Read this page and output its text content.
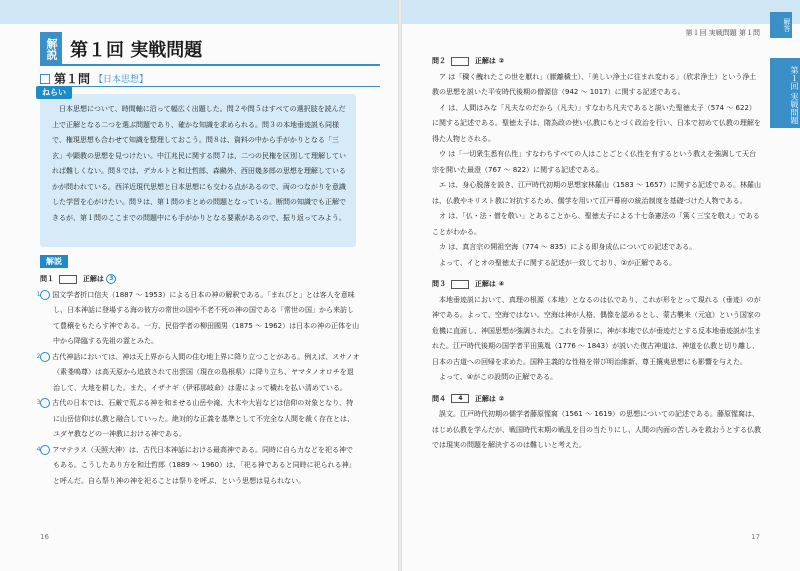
解説 第１回 実戦問題
第１問 【日本思想】

日本思想について、時間軸に沿って幅広く出題した。問２や問５はすべての選択肢を読んだ上で正解となる二つを選ぶ問題であり、確かな知識を求められる。問３の本地垂迹説も同様で、権現思想も合わせて知識を整理しておこう。問８は、資料の中から手がかりとなる「三玄」や顕教の思想を見つけたい。中江兆民に関する問７は、二つの民権を区別して理解していれば難しくない。問８では、デカルトと和辻哲郎、森鷗外、西田幾多郎の思想を理解しているかが問われている。西洋近現代思想と日本思想にも交わる点があるので、両のつながりを意識した学習を心がけたい。問９は、第１問のまとめの問題となっている。断問の知識でも正解できるが、第１問のここまでの問題中にも手がかりとなる要素があるので、振り返ってみよう。

ねらい
解説
問１	正解は 3
1 国文学者折口信夫（1887 ～ 1953）による日本の神の解釈である。「まれびと」とは客人を意味し、日本神話に登場する海の彼方の常世の国や不老不死の神の国である「常世の国」から来訪して豊穣をもたらす神である。一方、民俗学者の柳田國男（1875 ～ 1962）は日本の神の正体を山中から降臨する先祖の霊とみた。
2 古代神話においては、神は天上界から人間の住む地上界に降り立つことがある。例えば、スサノオ（素戔嗚尊）は高天原から追放されて出雲国（現在の島根県）に降り立ち、ヤマタノオロチを退治して、大地を耕した。また、イザナギ（伊邪那岐命）は妻によって穢れを払い清めている。
3 古代の日本では、石厳で荒ぶる神を和ませる山岳や滝、大木や大岩などは信仰の対象となり、特に山岳信仰は仏教と融合していった。絶対的な正義を基準として不完全な人間を裁く存在とは、ユダヤ教などの一神教における神である。
4 アマテラス（天照大神）は、古代日本神話における最高神である。同時に自ら力などを祀る神でもある。こうしたあり方を和辻哲郎（1889 ～ 1960）は、「祀る神であると同時に祀られる神」と呼んだ。自ら祭り神の神を祀ることは祭りを呼ぶ、という思想は見られない。
16
第１回 実戦問題 第１問
解答
第１回 実戦問題
問２	正解は ②
ア は「穢く醜れたこの世を厭れ」（厭離穢土）、「美しい浄土に往まれ変わる」（欣求浄土）という浄土教の思想を説いた平安時代後期の僧源信（942 ～ 1017）に関する記述である。
イ は、人間はみな「凡夫なのだから（凡夫）」すなわち凡夫であると説いた聖徳太子（574 ～ 622）に関する記述である。聖徳太子は、隋為政の使い仏教にもとづく政治を行い、日本で初めて仏教の理解を得た人物とされる。
ウ は「一切衆生悉有仏性」すなわちすべての人はことごとく仏性を有するという教えを強調して天台宗を開いた最澄（767 ～ 822）に関する記述である。
エ は、身心脱落を説き、江戸時代初期の思想家林羅山（1583 ～ 1657）に関する記述である。林羅山は、仏教やキリスト教に対抗するため、儒学を用いて江戸幕府の統治制度を基礎づけた人物である。
オ は、「仏・法・僧を敬い」とあることから、聖徳太子による十七条憲法の「篤く三宝を敬え」であることがわかる。
カ は、真言宗の開祖空海（774 ～ 835）による即身成仏についての記述である。
よって、イとオの聖徳太子に関する記述が一致しており、②が正解である。
問３	正解は ④
本地垂迹説において、真理の根源（本地）となるのは仏であり、これが形をとって現れる（垂迹）のが神である。よって、空海ではない。空海は神が人格、偶像を認めるとし、蒙古襲来（元寇）という国家の危機に直面し、神国思想が強調された。これを背景に、神が本地で仏が垂迹だとする反本地垂迹説が生まれた。江戸時代後期の国学者平田篤胤（1776 ～ 1843）が説いた復古神道は、神道を仏教と切り離し、日本の古道への回帰を求めた。国粋主義的な性格を帯び明治維新、尊王攘夷思想にも影響を与えた。
よって、④がこの設問の正解である。
問４ 4 正解は ②
誤文。江戸時代初期の儒学者藤原惺窩（1561 ～ 1619）の思想についての記述である。藤原惺窩は、はじめ仏教を学んだが、戦国時代末期の戦乱を目の当たりにし、人間の内面の苦しみを救おうとする仏教では現実の問題を解決するのは難しいと考えた。
17
